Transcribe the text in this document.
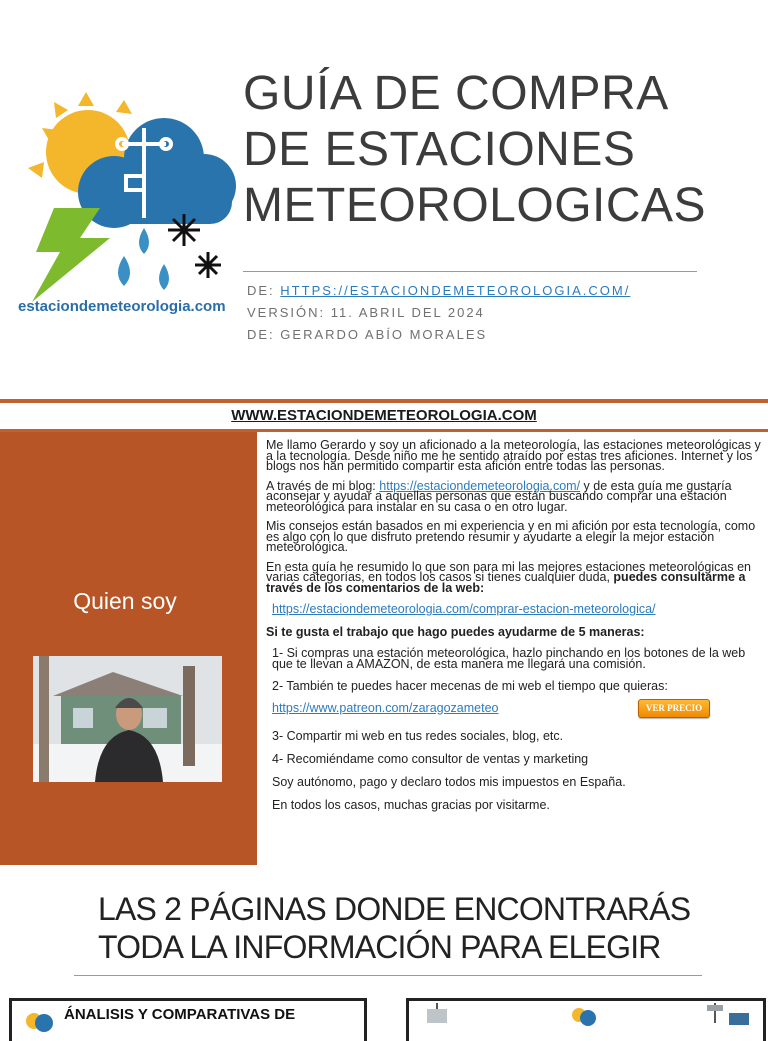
estaciondemeteorologia.com
GUÍA DE COMPRA
DE ESTACIONES
METEOROLOGICAS
DE: HTTPS://ESTACIONDEMETEOROLOGIA.COM/
VERSIÓN: 11. ABRIL DEL 2024
DE: GERARDO ABÍO MORALES
WWW.ESTACIONDEMETEOROLOGIA.COM
Quien soy

Me llamo Gerardo y soy un aficionado a la meteorología, las estaciones meteorológicas y a la tecnología. Desde niño me he sentido atraído por estas tres aficiones. Internet y los blogs nos han permitido compartir esta afición entre todas las personas.

A través de mi blog: https://estaciondemeteorologia.com/ y de esta guía me gustaría aconsejar y ayudar a aquellas personas que están buscando comprar una estación meteorológica para instalar en su casa o en otro lugar.

Mis consejos están basados en mi experiencia y en mi afición por esta tecnología, como es algo con lo que disfruto pretendo resumir y ayudarte a elegir la mejor estación meteorológica.

En esta guía he resumido lo que son para mi las mejores estaciones meteorológicas en varias categorías, en todos los casos si tienes cualquier duda, puedes consultarme a través de los comentarios de la web:

https://estaciondemeteorologia.com/comprar-estacion-meteorologica/

Si te gusta el trabajo que hago puedes ayudarme de 5 maneras:

1- Si compras una estación meteorológica, hazlo pinchando en los botones de la web que te llevan a AMAZON, de esta manera me llegará una comisión.

2- También te puedes hacer mecenas de mi web el tiempo que quieras:

https://www.patreon.com/zaragozameteo

3- Compartir mi web en tus redes sociales, blog, etc.

4- Recomiéndame como consultor de ventas y marketing

Soy autónomo, pago y declaro todos mis impuestos en España.

En todos los casos, muchas gracias por visitarme.

VER PRECIO
LAS 2 PÁGINAS DONDE ENCONTRARÁS
TODA LA INFORMACIÓN PARA ELEGIR
ÁNALISIS Y COMPARATIVAS DE
